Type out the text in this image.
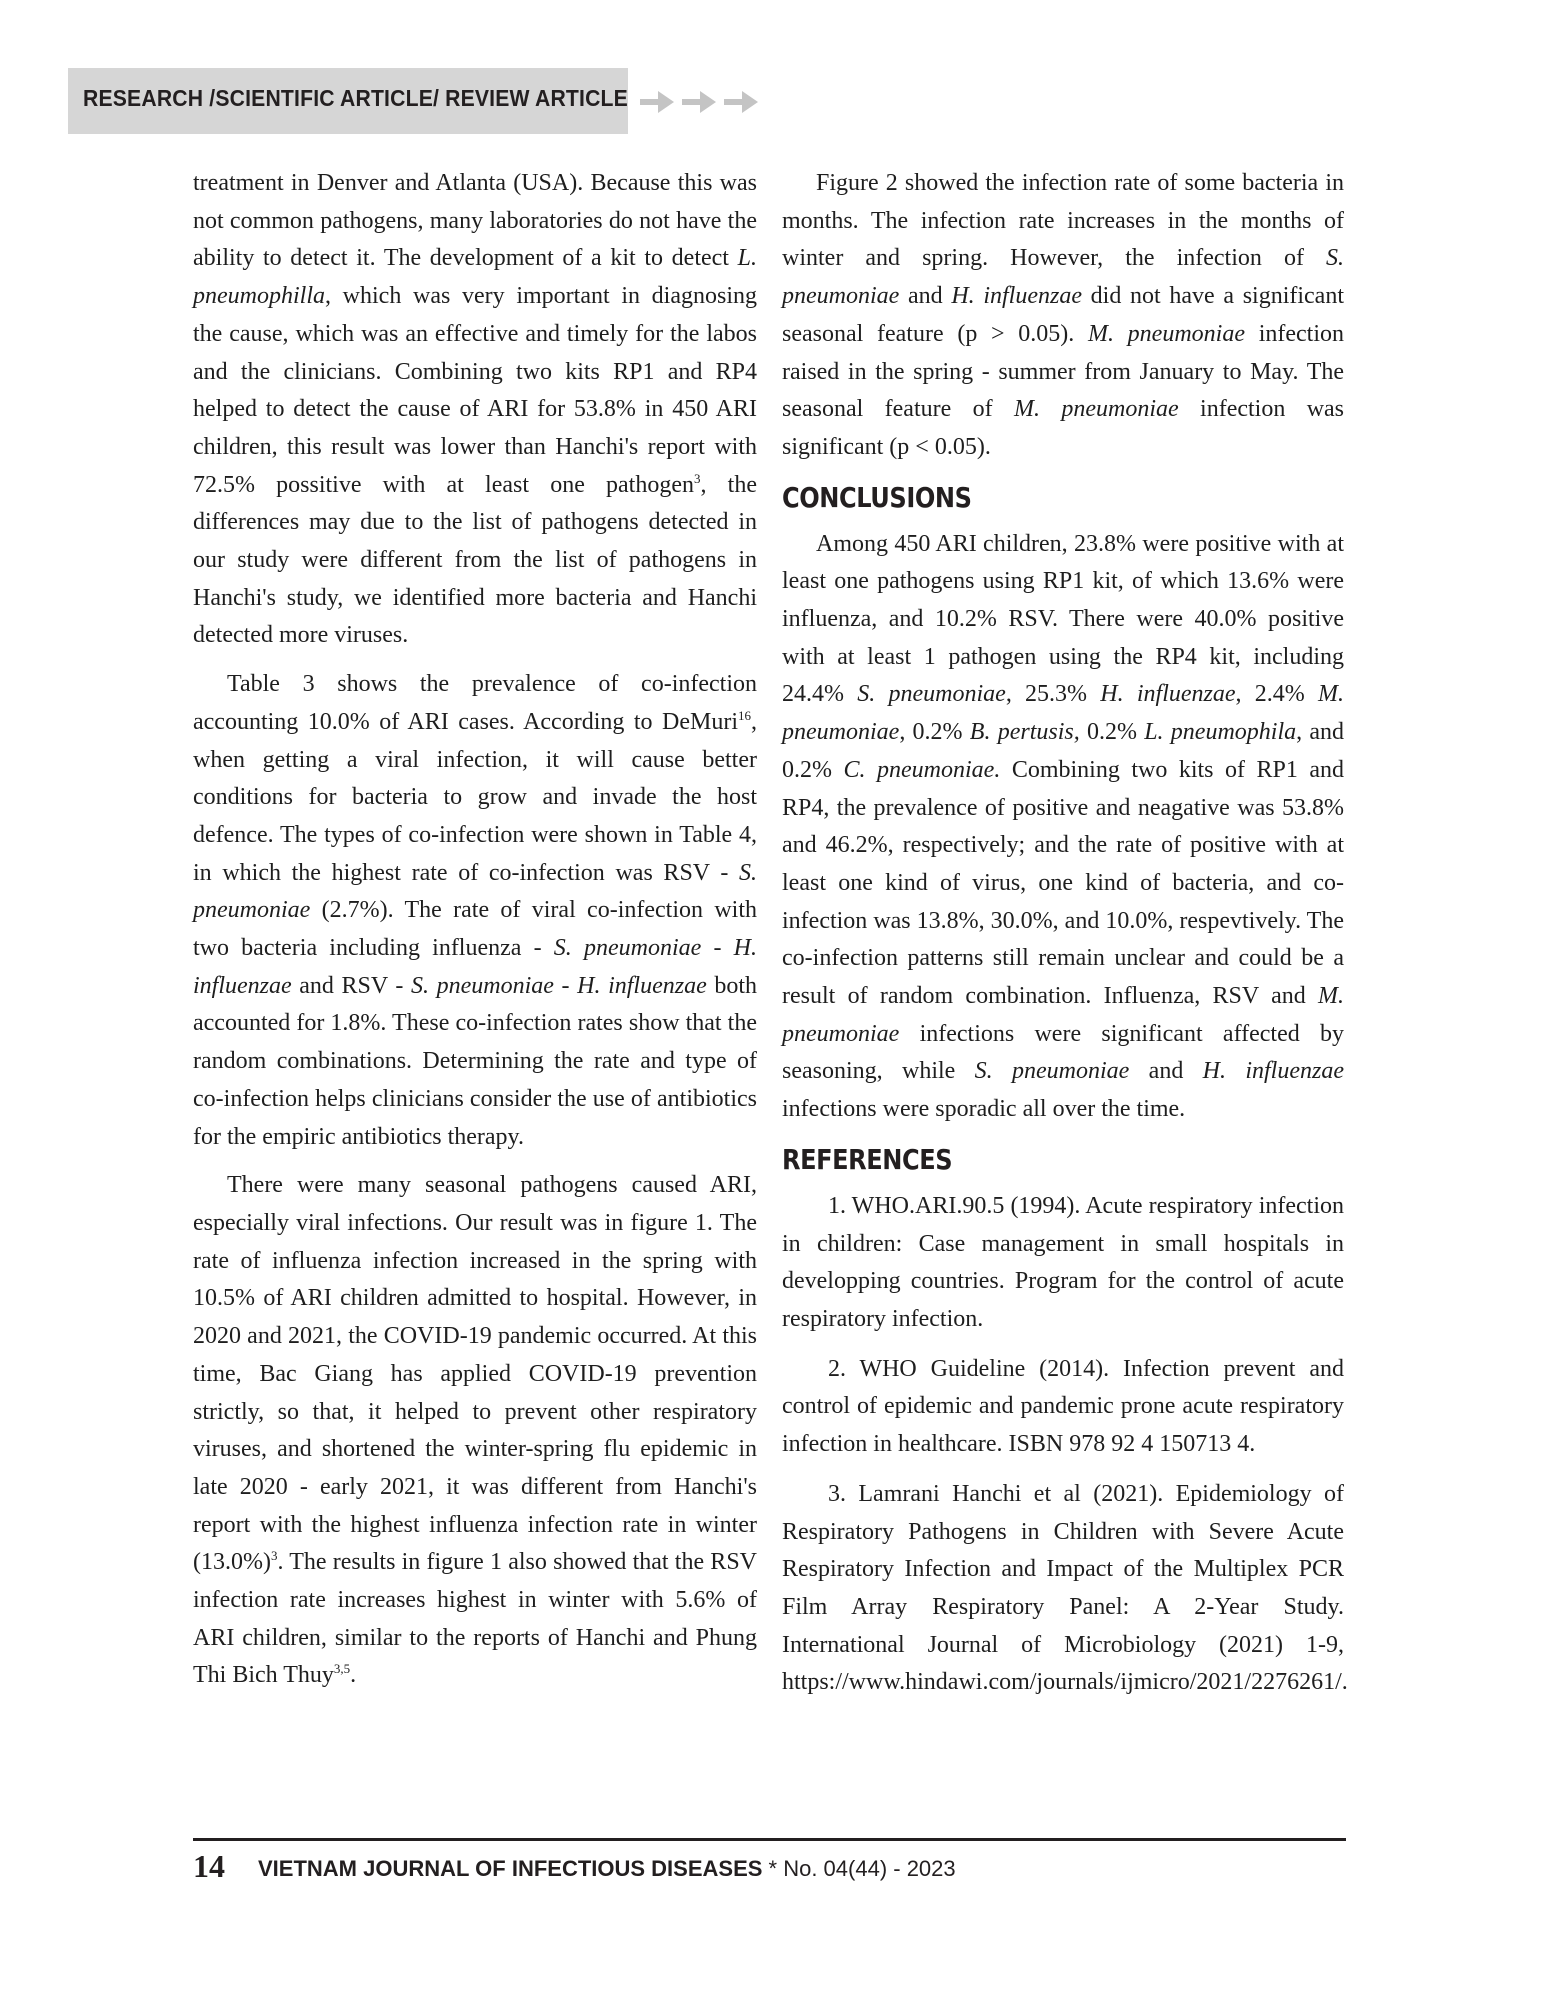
RESEARCH /SCIENTIFIC ARTICLE/ REVIEW ARTICLE

treatment in Denver and Atlanta (USA). Because this was not common pathogens, many laboratories do not have the ability to detect it. The development of a kit to detect L. pneumophilla, which was very important in diagnosing the cause, which was an effective and timely for the labos and the clinicians. Combining two kits RP1 and RP4 helped to detect the cause of ARI for 53.8% in 450 ARI children, this result was lower than Hanchi's report with 72.5% possitive with at least one pathogen$^3$, the differences may due to the list of pathogens detected in our study were different from the list of pathogens in Hanchi's study, we identified more bacteria and Hanchi detected more viruses.

Table 3 shows the prevalence of co-infection accounting 10.0% of ARI cases. According to DeMuri$^{16}$, when getting a viral infection, it will cause better conditions for bacteria to grow and invade the host defence. The types of co-infection were shown in Table 4, in which the highest rate of co-infection was RSV - S. pneumoniae (2.7%). The rate of viral co-infection with two bacteria including influenza - S. pneumoniae - H. influenzae and RSV - S. pneumoniae - H. influenzae both accounted for 1.8%. These co-infection rates show that the random combinations. Determining the rate and type of co-infection helps clinicians consider the use of antibiotics for the empiric antibiotics therapy.

There were many seasonal pathogens caused ARI, especially viral infections. Our result was in figure 1. The rate of influenza infection increased in the spring with 10.5% of ARI children admitted to hospital. However, in 2020 and 2021, the COVID-19 pandemic occurred. At this time, Bac Giang has applied COVID-19 prevention strictly, so that, it helped to prevent other respiratory viruses, and shortened the winter-spring flu epidemic in late 2020 - early 2021, it was different from Hanchi's report with the highest influenza infection rate in winter $(13.0\%)^3$. The results in figure 1 also showed that the RSV infection rate increases highest in winter with 5.6% of ARI children, similar to the reports of Hanchi and Phung Thi Bich Thuy$^{3,5}$.

Figure 2 showed the infection rate of some bacteria in months. The infection rate increases in the months of winter and spring. However, the infection of S. pneumoniae and H. influenzae did not have a significant seasonal feature (p > 0.05). M. pneumoniae infection raised in the spring - summer from January to May. The seasonal feature of M. pneumoniae infection was significant (p < 0.05).

CONCLUSIONS

Among 450 ARI children, 23.8% were positive with at least one pathogens using RP1 kit, of which 13.6% were influenza, and 10.2% RSV. There were 40.0% positive with at least 1 pathogen using the RP4 kit, including 24.4% S. pneumoniae, 25.3% H. influenzae, 2.4% M. pneumoniae, 0.2% B. pertusis, 0.2% L. pneumophila, and 0.2% C. pneumoniae. Combining two kits of RP1 and RP4, the prevalence of positive and neagative was 53.8% and 46.2%, respectively; and the rate of positive with at least one kind of virus, one kind of bacteria, and co-infection was 13.8%, 30.0%, and 10.0%, respevtively. The co-infection patterns still remain unclear and could be a result of random combination. Influenza, RSV and M. pneumoniae infections were significant affected by seasoning, while S. pneumoniae and H. influenzae infections were sporadic all over the time.

REFERENCES

1. WHO.ARI.90.5 (1994). Acute respiratory infection in children: Case management in small hospitals in developping countries. Program for the control of acute respiratory infection.

2. WHO Guideline (2014). Infection prevent and control of epidemic and pandemic prone acute respiratory infection in healthcare. ISBN 978 92 4 150713 4.

3. Lamrani Hanchi et al (2021). Epidemiology of Respiratory Pathogens in Children with Severe Acute Respiratory Infection and Impact of the Multiplex PCR Film Array Respiratory Panel: A 2-Year Study. International Journal of Microbiology (2021) 1-9, https://www.hindawi.com/journals/ijmicro/2021/2276261/.

14 VIETNAM JOURNAL OF INFECTIOUS DISEASES * No. 04(44) - 2023
